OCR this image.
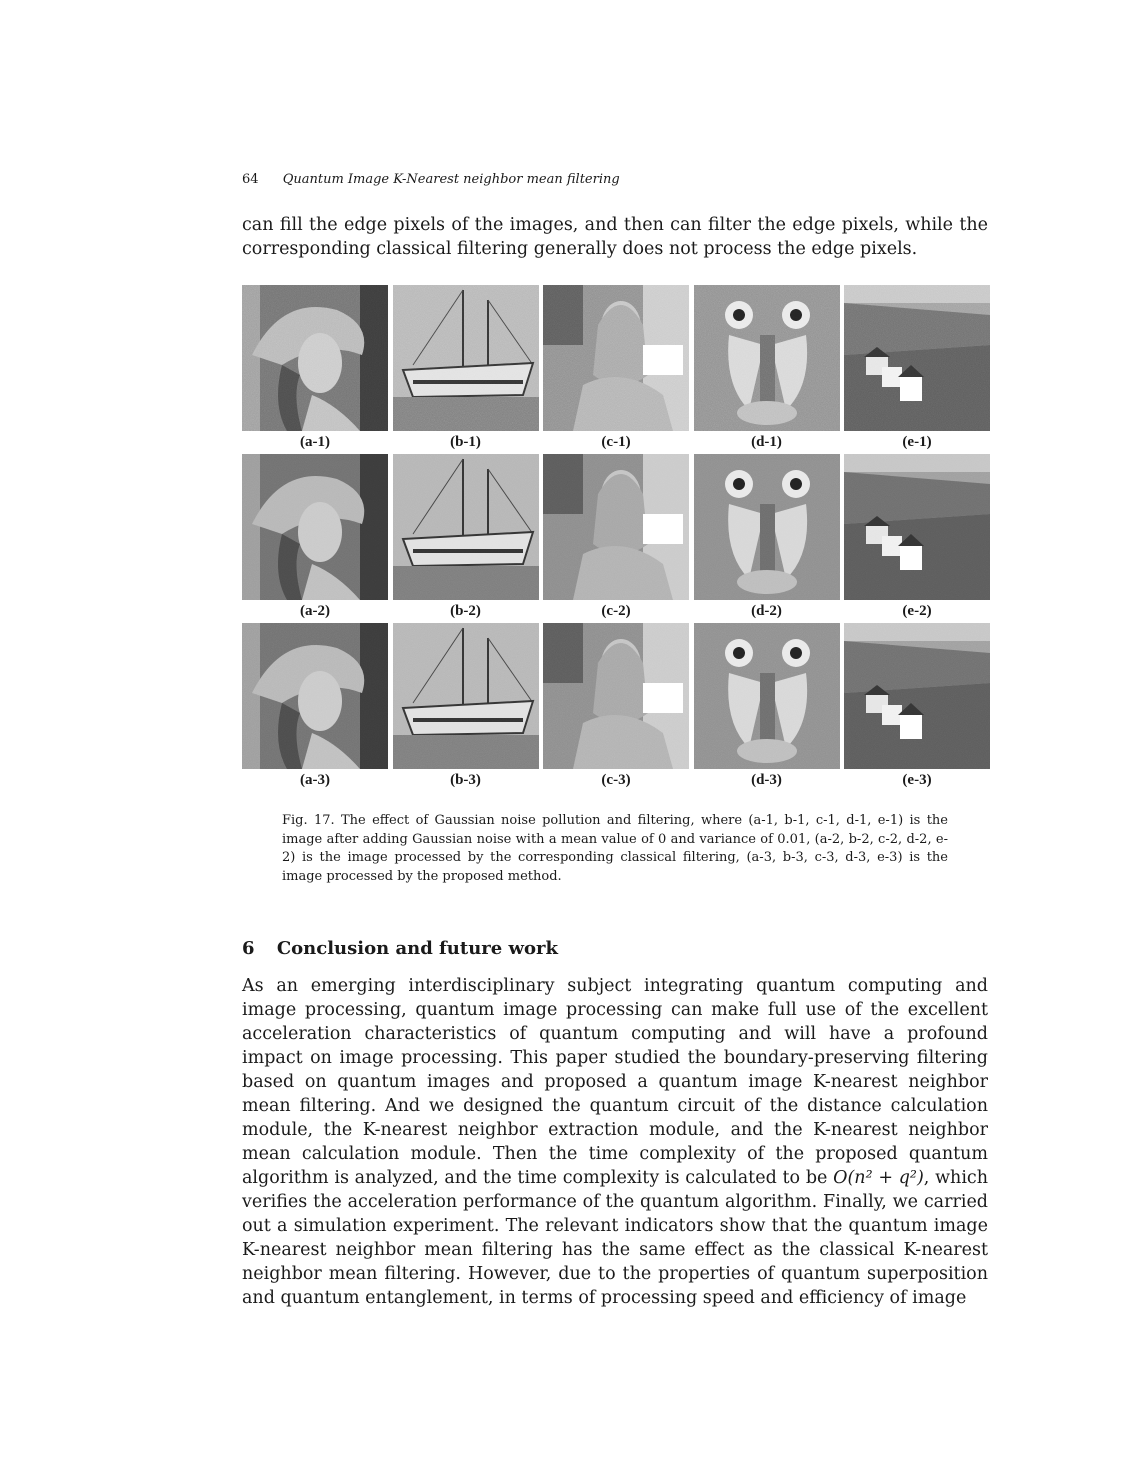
64 Quantum Image K-Nearest neighbor mean filtering

can fill the edge pixels of the images, and then can filter the edge pixels, while the corresponding classical filtering generally does not process the edge pixels.

(a-1)	(b-1)	(c-1)	(d-1)	(e-1)
(a-2)	(b-2)	(c-2)	(d-2)	(e-2)
(a-3)	(b-3)	(c-3)	(d-3)	(e-3)

Fig. 17. The effect of Gaussian noise pollution and filtering, where (a-1, b-1, c-1, d-1, e-1) is the image after adding Gaussian noise with a mean value of 0 and variance of 0.01, (a-2, b-2, c-2, d-2, e-2) is the image processed by the corresponding classical filtering, (a-3, b-3, c-3, d-3, e-3) is the image processed by the proposed method.

6 Conclusion and future work

As an emerging interdisciplinary subject integrating quantum computing and image processing, quantum image processing can make full use of the excellent acceleration characteristics of quantum computing and will have a profound impact on image processing. This paper studied the boundary-preserving filtering based on quantum images and proposed a quantum image K-nearest neighbor mean filtering. And we designed the quantum circuit of the distance calculation module, the K-nearest neighbor extraction module, and the K-nearest neighbor mean calculation module. Then the time complexity of the proposed quantum algorithm is analyzed, and the time complexity is calculated to be O(n² + q²), which verifies the acceleration performance of the quantum algorithm. Finally, we carried out a simulation experiment. The relevant indicators show that the quantum image K-nearest neighbor mean filtering has the same effect as the classical K-nearest neighbor mean filtering. However, due to the properties of quantum superposition and quantum entanglement, in terms of processing speed and efficiency of image
